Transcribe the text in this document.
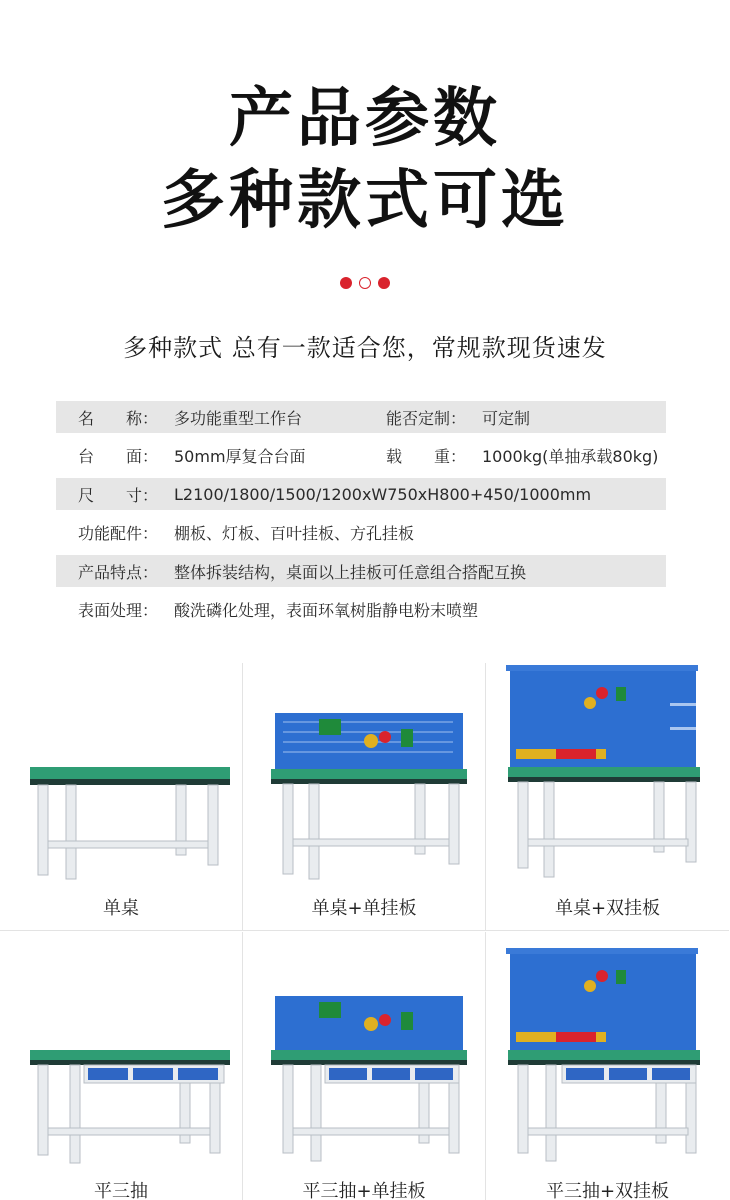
产品参数
多种款式可选
多种款式 总有一款适合您，常规款现货速发
名　　称： 多功能重型工作台	能否定制： 可定制
台　　面： 50mm厚复合台面	载　　重： 1000kg(单抽承载80kg)
尺　　寸： L2100/1800/1500/1200xW750xH800+450/1000mm
功能配件： 棚板、灯板、百叶挂板、方孔挂板
产品特点： 整体拆装结构，桌面以上挂板可任意组合搭配互换
表面处理： 酸洗磷化处理，表面环氧树脂静电粉末喷塑
单桌	单桌+单挂板	单桌+双挂板
平三抽	平三抽+单挂板	平三抽+双挂板
